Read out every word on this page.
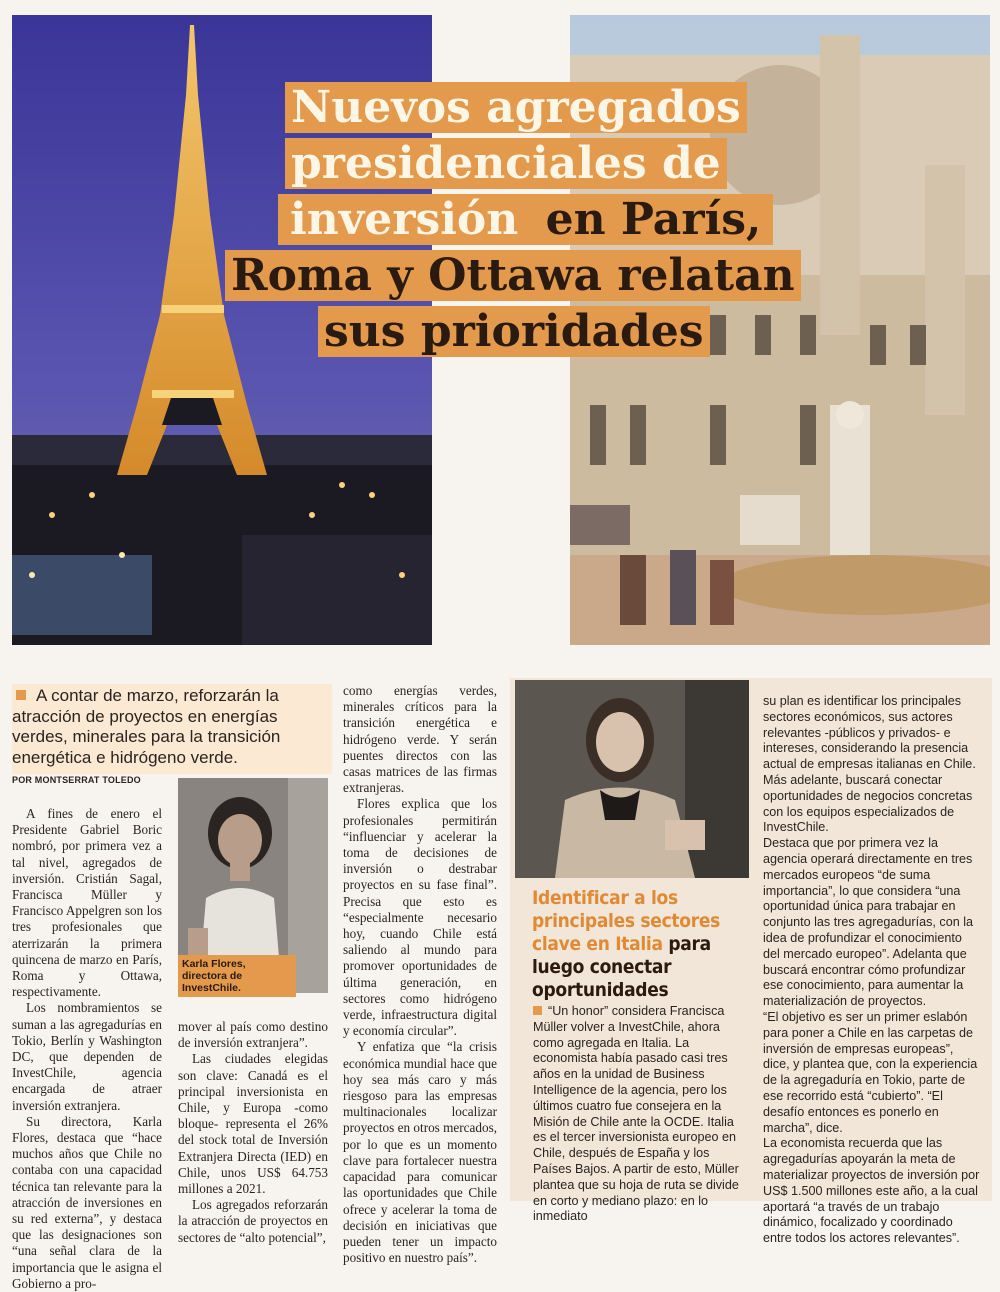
Nuevos agregados
presidenciales de
inversión en París,
Roma y Ottawa relatan
sus prioridades
A contar de marzo, reforzarán la atracción de proyectos en energías verdes, minerales para la transición energética e hidrógeno verde.
POR MONTSERRAT TOLEDO

A fines de enero el Presidente Gabriel Boric nombró, por primera vez a tal nivel, agregados de inversión. Cristián Sagal, Francisca Müller y Francisco Appelgren son los tres profesionales que aterrizarán la primera quincena de marzo en París, Roma y Ottawa, respectivamente.

Los nombramientos se suman a las agregadurías en Tokio, Berlín y Washington DC, que dependen de InvestChile, agencia encargada de atraer inversión extranjera.

Su directora, Karla Flores, destaca que “hace muchos años que Chile no contaba con una capacidad técnica tan relevante para la atracción de inversiones en su red externa”, y destaca que las designaciones son “una señal clara de la importancia que le asigna el Gobierno a pro-

Karla Flores, directora de InvestChile.

mover al país como destino de inversión extranjera”.

Las ciudades elegidas son clave: Canadá es el principal inversionista en Chile, y Europa -como bloque- representa el 26% del stock total de Inversión Extranjera Directa (IED) en Chile, unos US$ 64.753 millones a 2021.

Los agregados reforzarán la atracción de proyectos en sectores de “alto potencial”,

como energías verdes, minerales críticos para la transición energética e hidrógeno verde. Y serán puentes directos con las casas matrices de las firmas extranjeras.

Flores explica que los profesionales permitirán “influenciar y acelerar la toma de decisiones de inversión o destrabar proyectos en su fase final”. Precisa que esto es “especialmente necesario hoy, cuando Chile está saliendo al mundo para promover oportunidades de última generación, en sectores como hidrógeno verde, infraestructura digital y economía circular”.

Y enfatiza que “la crisis económica mundial hace que hoy sea más caro y más riesgoso para las empresas multinacionales localizar proyectos en otros mercados, por lo que es un momento clave para fortalecer nuestra capacidad para comunicar las oportunidades que Chile ofrece y acelerar la toma de decisión en iniciativas que pueden tener un impacto positivo en nuestro país”.

Identificar a los principales sectores clave en Italia para luego conectar oportunidades

“Un honor” considera Francisca Müller volver a InvestChile, ahora como agregada en Italia. La economista había pasado casi tres años en la unidad de Business Intelligence de la agencia, pero los últimos cuatro fue consejera en la Misión de Chile ante la OCDE. Italia es el tercer inversionista europeo en Chile, después de España y los Países Bajos. A partir de esto, Müller plantea que su hoja de ruta se divide en corto y mediano plazo: en lo inmediato

su plan es identificar los principales sectores económicos, sus actores relevantes -públicos y privados- e intereses, considerando la presencia actual de empresas italianas en Chile. Más adelante, buscará conectar oportunidades de negocios concretas con los equipos especializados de InvestChile.

Destaca que por primera vez la agencia operará directamente en tres mercados europeos “de suma importancia”, lo que considera “una oportunidad única para trabajar en conjunto las tres agregadurías, con la idea de profundizar el conocimiento del mercado europeo”. Adelanta que buscará encontrar cómo profundizar ese conocimiento, para aumentar la materialización de proyectos.

“El objetivo es ser un primer eslabón para poner a Chile en las carpetas de inversión de empresas europeas”, dice, y plantea que, con la experiencia de la agregaduría en Tokio, parte de ese recorrido está “cubierto”. “El desafío entonces es ponerlo en marcha”, dice.

La economista recuerda que las agregadurías apoyarán la meta de materializar proyectos de inversión por US$ 1.500 millones este año, a la cual aportará “a través de un trabajo dinámico, focalizado y coordinado entre todos los actores relevantes”.
